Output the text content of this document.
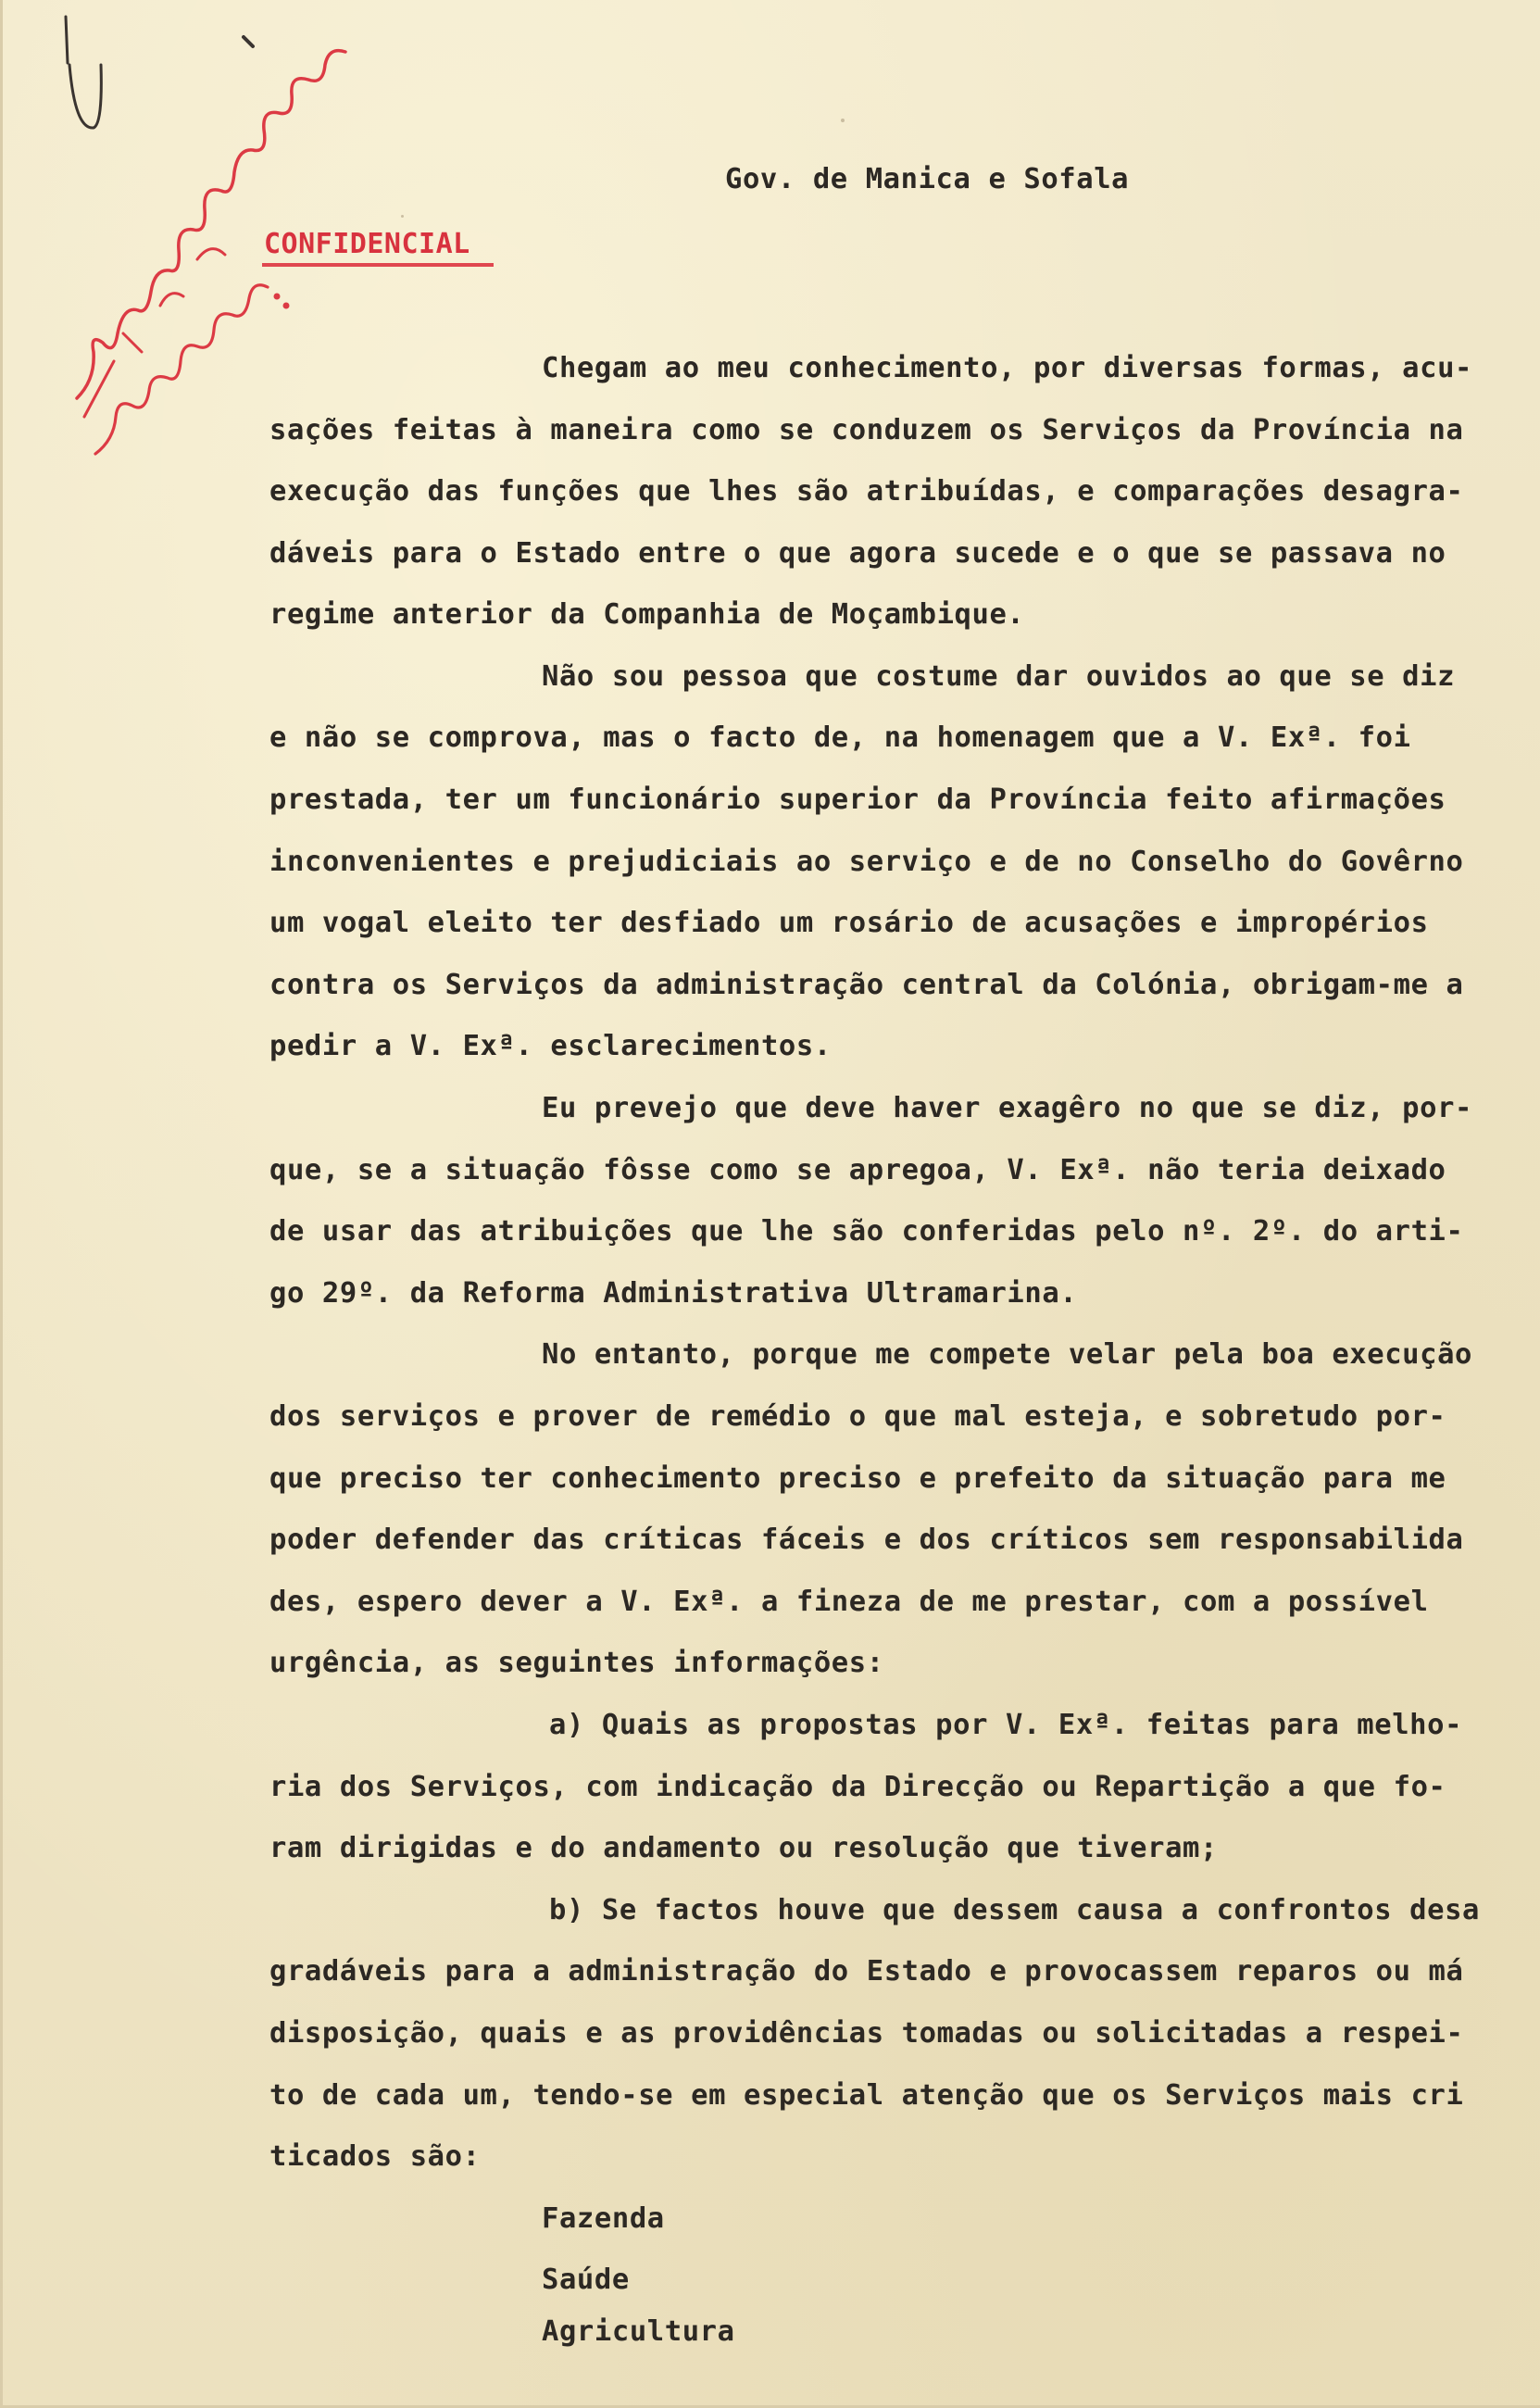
Gov. de Manica e Sofala
CONFIDENCIAL
Chegam ao meu conhecimento, por diversas formas, acu-
sações feitas à maneira como se conduzem os Serviços da Província na
execução das funções que lhes são atribuídas, e comparações desagra-
dáveis para o Estado entre o que agora sucede e o que se passava no
regime anterior da Companhia de Moçambique.
Não sou pessoa que costume dar ouvidos ao que se diz
e não se comprova, mas o facto de, na homenagem que a V. Exª. foi
prestada, ter um funcionário superior da Província feito afirmações
inconvenientes e prejudiciais ao serviço e de no Conselho do Govêrno
um vogal eleito ter desfiado um rosário de acusações e impropérios
contra os Serviços da administração central da Colónia, obrigam-me a
pedir a V. Exª. esclarecimentos.
Eu prevejo que deve haver exagêro no que se diz, por-
que, se a situação fôsse como se apregoa, V. Exª. não teria deixado
de usar das atribuições que lhe são conferidas pelo nº. 2º. do arti-
go 29º. da Reforma Administrativa Ultramarina.
No entanto, porque me compete velar pela boa execução
dos serviços e prover de remédio o que mal esteja, e sobretudo por-
que preciso ter conhecimento preciso e prefeito da situação para me
poder defender das críticas fáceis e dos críticos sem responsabilida
des, espero dever a V. Exª. a fineza de me prestar, com a possível
urgência, as seguintes informações:
a) Quais as propostas por V. Exª. feitas para melho-
ria dos Serviços, com indicação da Direcção ou Repartição a que fo-
ram dirigidas e do andamento ou resolução que tiveram;
b) Se factos houve que dessem causa a confrontos desa
gradáveis para a administração do Estado e provocassem reparos ou má
disposição, quais e as providências tomadas ou solicitadas a respei-
to de cada um, tendo-se em especial atenção que os Serviços mais cri
ticados são:
Fazenda
Saúde
Agricultura
